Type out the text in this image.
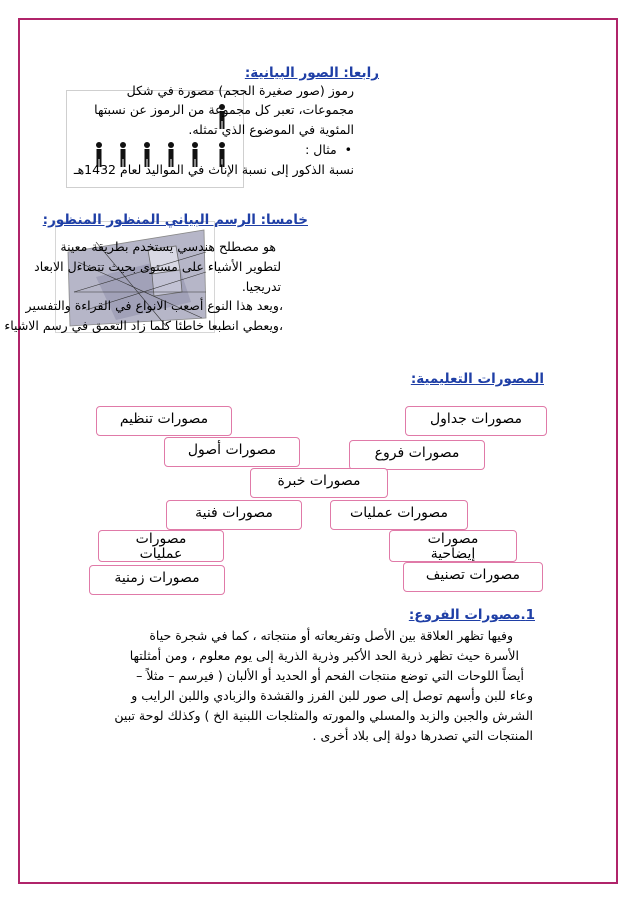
رابعا: الصور البيانية:
رموز (صور صغيرة الحجم) مصورة في شكل
مجموعات، تعبر كل مجموعة من الرموز عن نسبتها
المئوية في الموضوع الذي تمثله.
•  مثال :
نسبة الذكور إلى نسبة الإناث في المواليد لعام 1432هـ
خامسا: الرسم البياني المنظور المنظور:
هو مصطلح هندسي يستخدم بطريقة معينة
لتطوير الأشياء على مستوى بحيث تتضاءل الابعاد
تدريجيا.
،ويعد هذا النوع أصعب الانواع في القراءة والتفسير
،ويعطي انطبعا خاطئا كلما زاد التعمق في رسم الاشياء
المصورات التعليمية:
مصورات جداول
مصورات تنظيم
مصورات أصول	مصورات فروع
مصورات خبرة
مصورات فنية	مصورات عمليات
مصورات
عمليات
مصورات
إيضاحية
مصورات زمنية	مصورات تصنيف
1.مصورات الفروع:
وفيها تظهر العلاقة بين الأصل وتفريعاته أو منتجاته ، كما في شجرة حياة
الأسرة حيث تظهر ذرية الحد الأكبر وذرية الذرية إلى يوم معلوم ، ومن أمثلتها
أيضاً اللوحات التي توضع منتجات الفحم أو الحديد أو الألبان ( فيرسم – مثلاً –
وعاء للبن وأسهم توصل إلى صور للبن الفرز والقشدة والزبادي واللبن الرايب و
الشرش والجبن والزبد والمسلي والمورته والمثلجات اللبنية الخ ) وكذلك لوحة تبين
المنتجات التي تصدرها دولة إلى بلاد أخرى .
